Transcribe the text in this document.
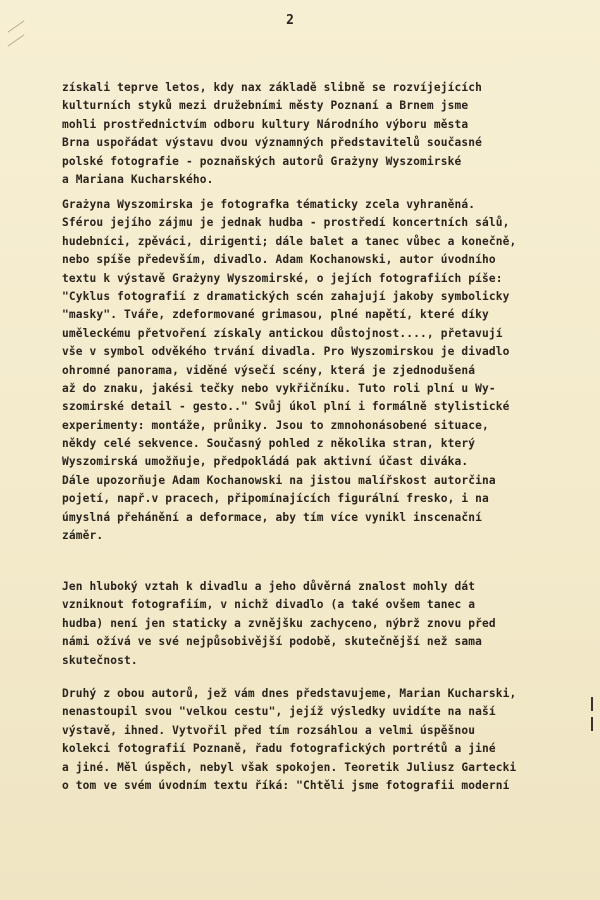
2
získali teprve letos, kdy nax základě slibně se rozvíjejících
kulturních styků mezi družebními městy Poznaní a Brnem jsme
mohli prostřednictvím odboru kultury Národního výboru města
Brna uspořádat výstavu dvou významných představitelů současné
polské fotografie - poznaňských autorů Grażyny Wyszomirské
a Mariana Kucharského.
Grażyna Wyszomirska je fotografka tématicky zcela vyhraněná.
Sférou jejího zájmu je jednak hudba - prostředí koncertních sálů,
hudebníci, zpěváci, dirigenti; dále balet a tanec vůbec a konečně,
nebo spíše především, divadlo. Adam Kochanowski, autor úvodního
textu k výstavě Grażyny Wyszomirské, o jejích fotografiích píše:
"Cyklus fotografií z dramatických scén zahajují jakoby symbolicky
"masky". Tváře, zdeformované grimasou, plné napětí, které díky
uměleckému přetvoření získaly antickou důstojnost...., přetavují
vše v symbol odvěkého trvání divadla. Pro Wyszomirskou je divadlo
ohromné panorama, viděné výsečí scény, která je zjednodušená
až do znaku, jakési tečky nebo vykřičníku. Tuto roli plní u Wy-
szomirské detail - gesto.." Svůj úkol plní i formálně stylistické
experimenty: montáže, průniky. Jsou to zmnohonásobené situace,
někdy celé sekvence. Současný pohled z několika stran, který
Wyszomirská umožňuje, předpokládá pak aktivní účast diváka.
Dále upozorňuje Adam Kochanowski na jistou malířskost autorčina
pojetí, např.v pracech, připomínajících figurální fresko, i na
úmyslná přehánění a deformace, aby tím více vynikl inscenační
záměr.
Jen hluboký vztah k divadlu a jeho důvěrná znalost mohly dát
vzniknout fotografiím, v nichž divadlo (a také ovšem tanec a
hudba) není jen staticky a zvnějšku zachyceno, nýbrž znovu před
námi ožívá ve své nejpůsobivější podobě, skutečnější než sama
skutečnost.
Druhý z obou autorů, jež vám dnes představujeme, Marian Kucharski,
nenastoupil svou "velkou cestu", jejíž výsledky uvidíte na naší
výstavě, ihned. Vytvořil před tím rozsáhlou a velmi úspěšnou
kolekci fotografií Poznaně, řadu fotografických portrétů a jiné
a jiné. Měl úspěch, nebyl však spokojen. Teoretik Juliusz Gartecki
o tom ve svém úvodním textu říká: "Chtěli jsme fotografii moderní
